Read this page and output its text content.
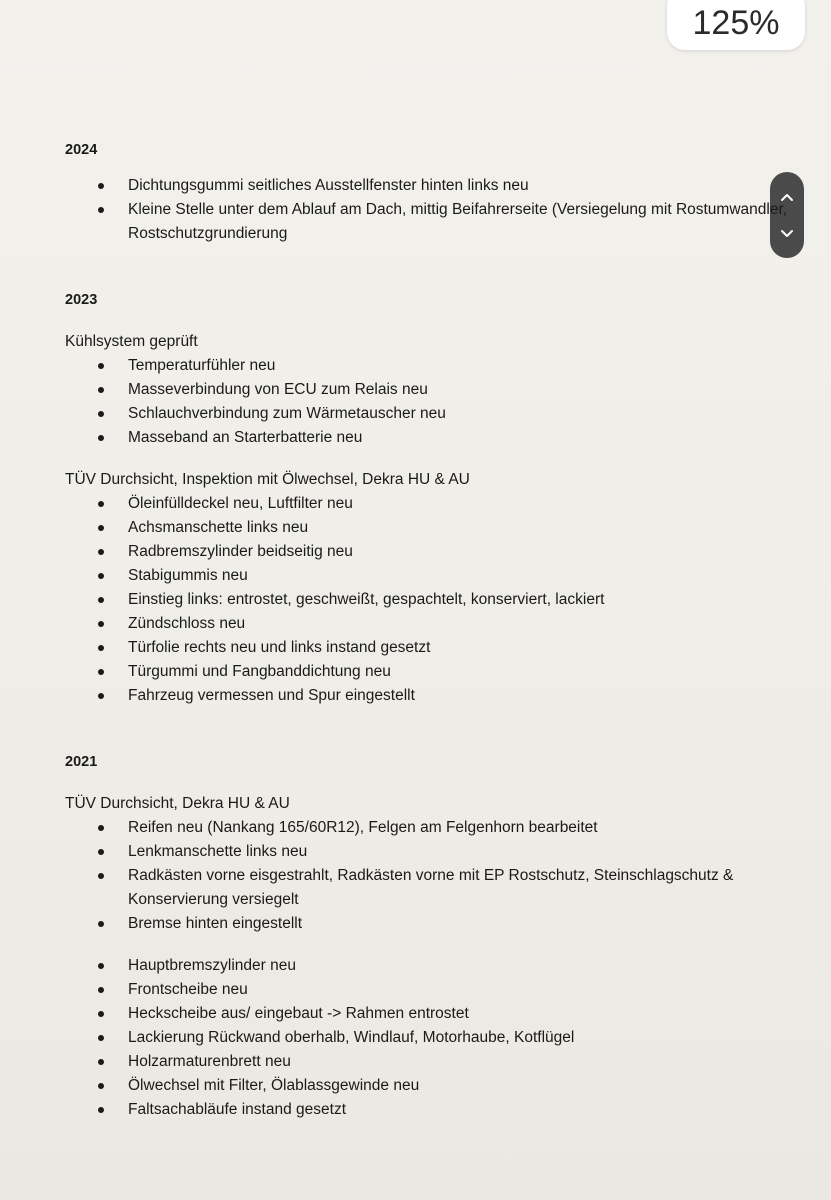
125%
2024
Dichtungsgummi seitliches Ausstellfenster hinten links neu
Kleine Stelle unter dem Ablauf am Dach, mittig Beifahrerseite (Versiegelung mit Rostumwandler, Rostschutzgrundierung
2023
Kühlsystem geprüft
Temperaturfühler neu
Masseverbindung von ECU zum Relais neu
Schlauchverbindung zum Wärmetauscher neu
Masseband an Starterbatterie neu
TÜV Durchsicht, Inspektion mit Ölwechsel, Dekra HU & AU
Öleinfülldeckel neu, Luftfilter neu
Achsmanschette links neu
Radbremszylinder beidseitig neu
Stabigummis neu
Einstieg links: entrostet, geschweißt, gespachtelt, konserviert, lackiert
Zündschloss neu
Türfolie rechts neu und links instand gesetzt
Türgummi und Fangbanddichtung neu
Fahrzeug vermessen und Spur eingestellt
2021
TÜV Durchsicht, Dekra HU & AU
Reifen neu (Nankang 165/60R12), Felgen am Felgenhorn bearbeitet
Lenkmanschette links neu
Radkästen vorne eisgestrahlt, Radkästen vorne mit EP Rostschutz, Steinschlagschutz & Konservierung versiegelt
Bremse hinten eingestellt
Hauptbremszylinder neu
Frontscheibe neu
Heckscheibe aus/ eingebaut -> Rahmen entrostet
Lackierung Rückwand oberhalb, Windlauf, Motorhaube, Kotflügel
Holzarmaturenbrett neu
Ölwechsel mit Filter, Ölablassgewinde neu
Faltsachabläufe instand gesetzt
